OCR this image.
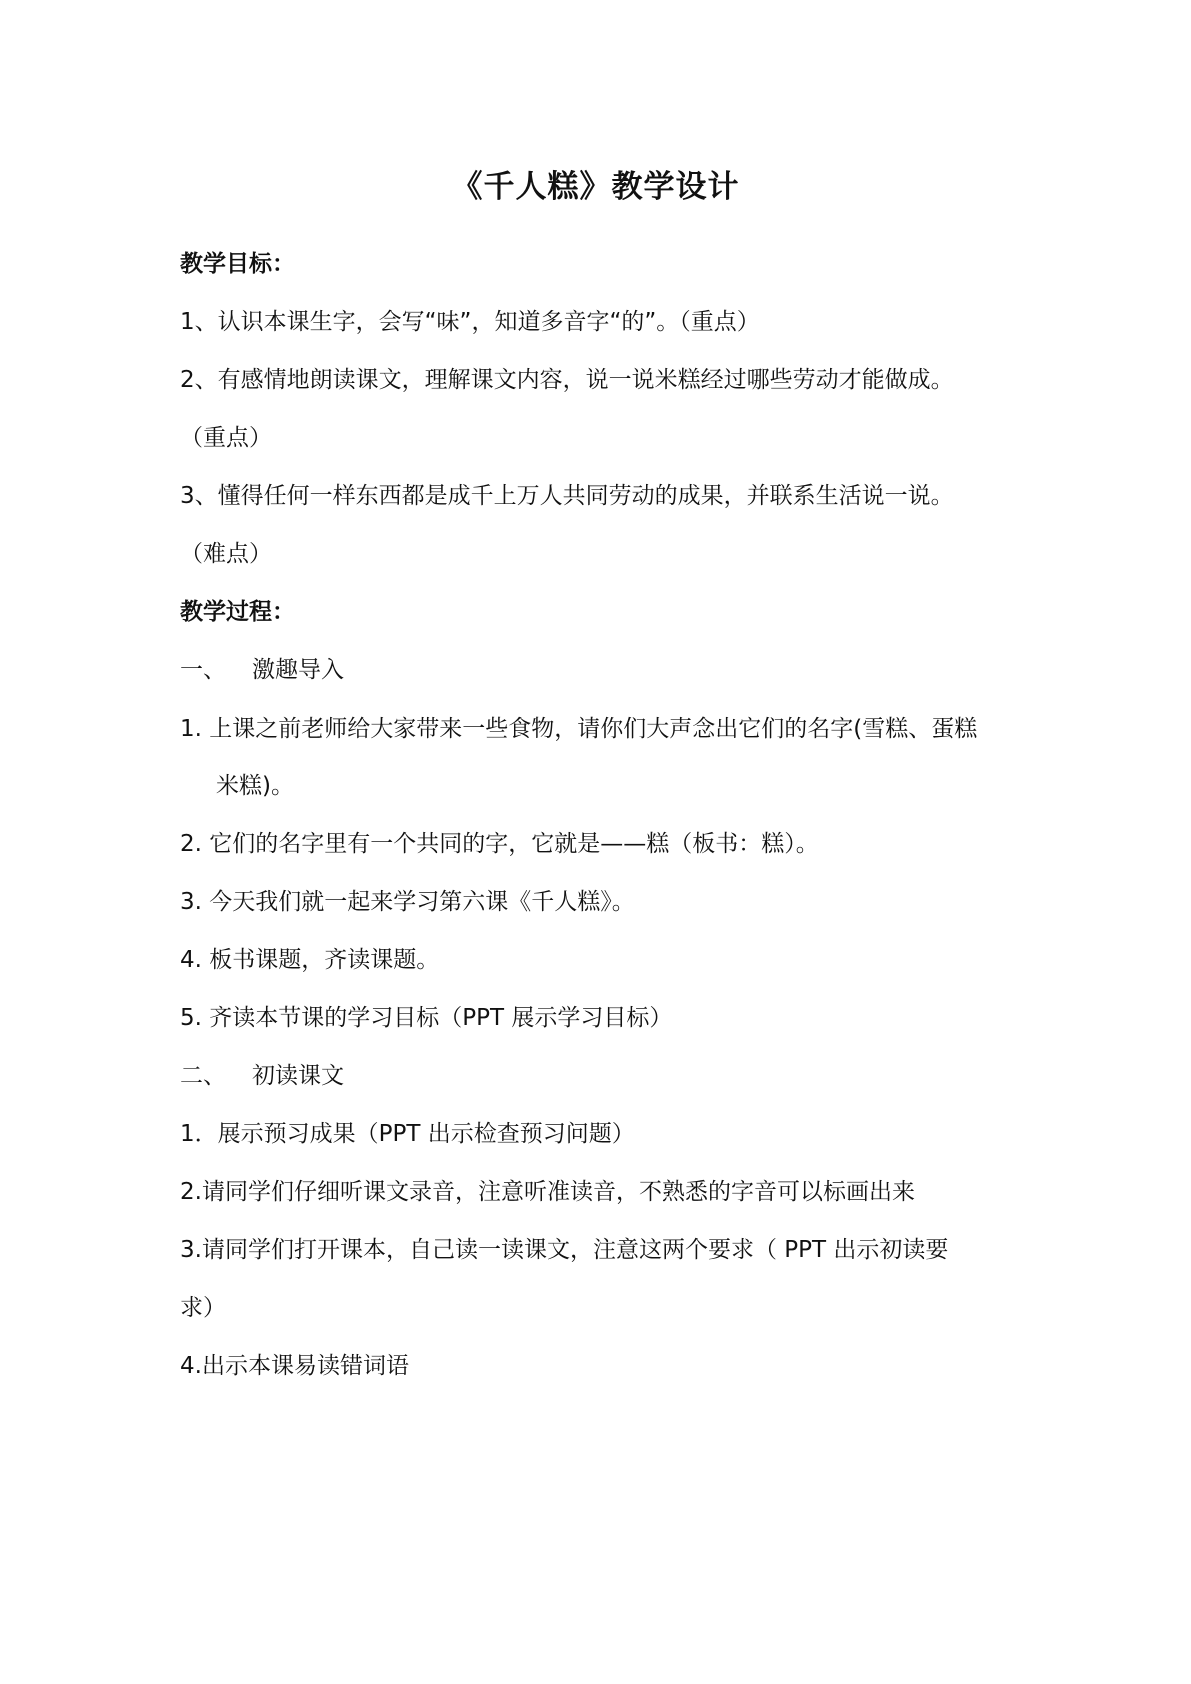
《千人糕》教学设计
教学目标：
1、认识本课生字，会写“味”，知道多音字“的”。（重点）
2、有感情地朗读课文，理解课文内容，说一说米糕经过哪些劳动才能做成。
（重点）
3、懂得任何一样东西都是成千上万人共同劳动的成果，并联系生活说一说。
（难点）
教学过程：
一、 激趣导入
1. 上课之前老师给大家带来一些食物，请你们大声念出它们的名字(雪糕、蛋糕
米糕)。
2. 它们的名字里有一个共同的字，它就是——糕（板书：糕）。
3. 今天我们就一起来学习第六课《千人糕》。
4. 板书课题，齐读课题。
5. 齐读本节课的学习目标（PPT 展示学习目标）
二、 初读课文
1．展示预习成果（PPT 出示检查预习问题）
2.请同学们仔细听课文录音，注意听准读音，不熟悉的字音可以标画出来
3.请同学们打开课本，自己读一读课文，注意这两个要求（ PPT 出示初读要
求）
4.出示本课易读错词语
